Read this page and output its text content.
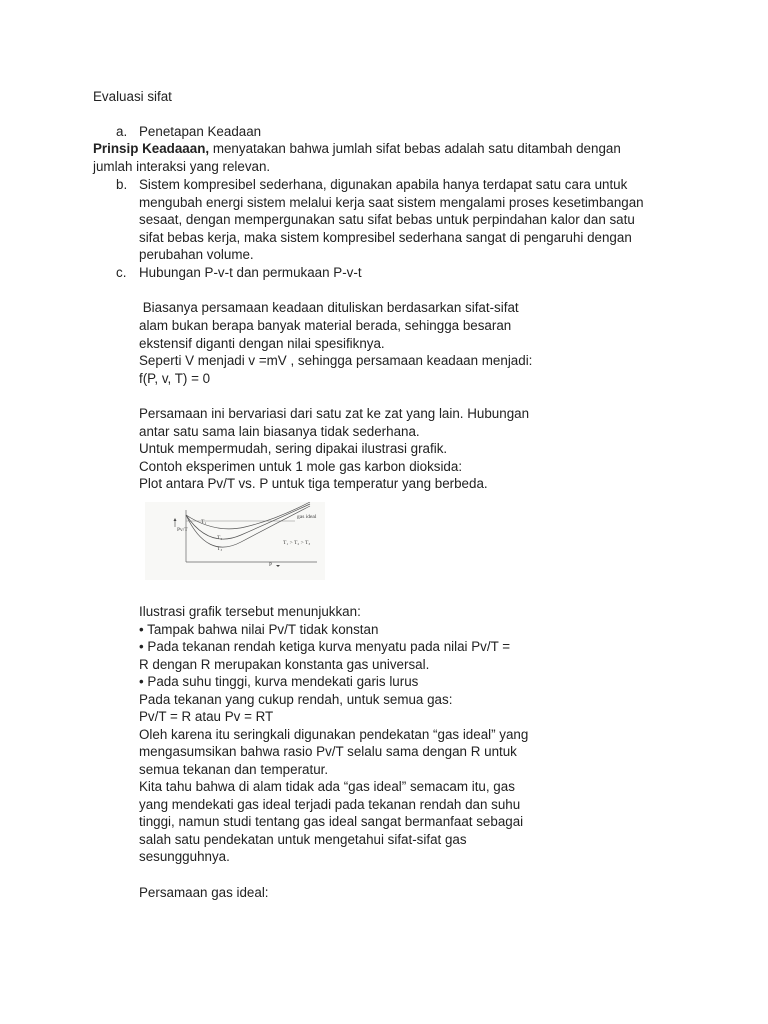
Evaluasi sifat
a. Penetapan Keadaan
Prinsip Keadaaan, menyatakan bahwa jumlah sifat bebas adalah satu ditambah dengan
jumlah interaksi yang relevan.
b. Sistem kompresibel sederhana, digunakan apabila hanya terdapat satu cara untuk
mengubah energi sistem melalui kerja saat sistem mengalami proses kesetimbangan
sesaat, dengan mempergunakan satu sifat bebas untuk perpindahan kalor dan satu
sifat bebas kerja, maka sistem kompresibel sederhana sangat di pengaruhi dengan
perubahan volume.
c. Hubungan P-v-t dan permukaan P-v-t
Biasanya persamaan keadaan dituliskan berdasarkan sifat-sifat
alam bukan berapa banyak material berada, sehingga besaran
ekstensif diganti dengan nilai spesifiknya.
Seperti V menjadi v =mV , sehingga persamaan keadaan menjadi:
f(P, v, T) = 0
Persamaan ini bervariasi dari satu zat ke zat yang lain. Hubungan
antar satu sama lain biasanya tidak sederhana.
Untuk mempermudah, sering dipakai ilustrasi grafik.
Contoh eksperimen untuk 1 mole gas karbon dioksida:
Plot antara Pv/T vs. P untuk tiga temperatur yang berbeda.
Pv/T
gas ideal
T₁
T₂
T₃
T₁ > T₂ > T₃
P
Ilustrasi grafik tersebut menunjukkan:
• Tampak bahwa nilai Pv/T tidak konstan
• Pada tekanan rendah ketiga kurva menyatu pada nilai Pv/T =
R dengan R merupakan konstanta gas universal.
• Pada suhu tinggi, kurva mendekati garis lurus
Pada tekanan yang cukup rendah, untuk semua gas:
Pv/T = R atau Pv = RT
Oleh karena itu seringkali digunakan pendekatan “gas ideal” yang
mengasumsikan bahwa rasio Pv/T selalu sama dengan R untuk
semua tekanan dan temperatur.
Kita tahu bahwa di alam tidak ada “gas ideal” semacam itu, gas
yang mendekati gas ideal terjadi pada tekanan rendah dan suhu
tinggi, namun studi tentang gas ideal sangat bermanfaat sebagai
salah satu pendekatan untuk mengetahui sifat-sifat gas
sesungguhnya.
Persamaan gas ideal:
